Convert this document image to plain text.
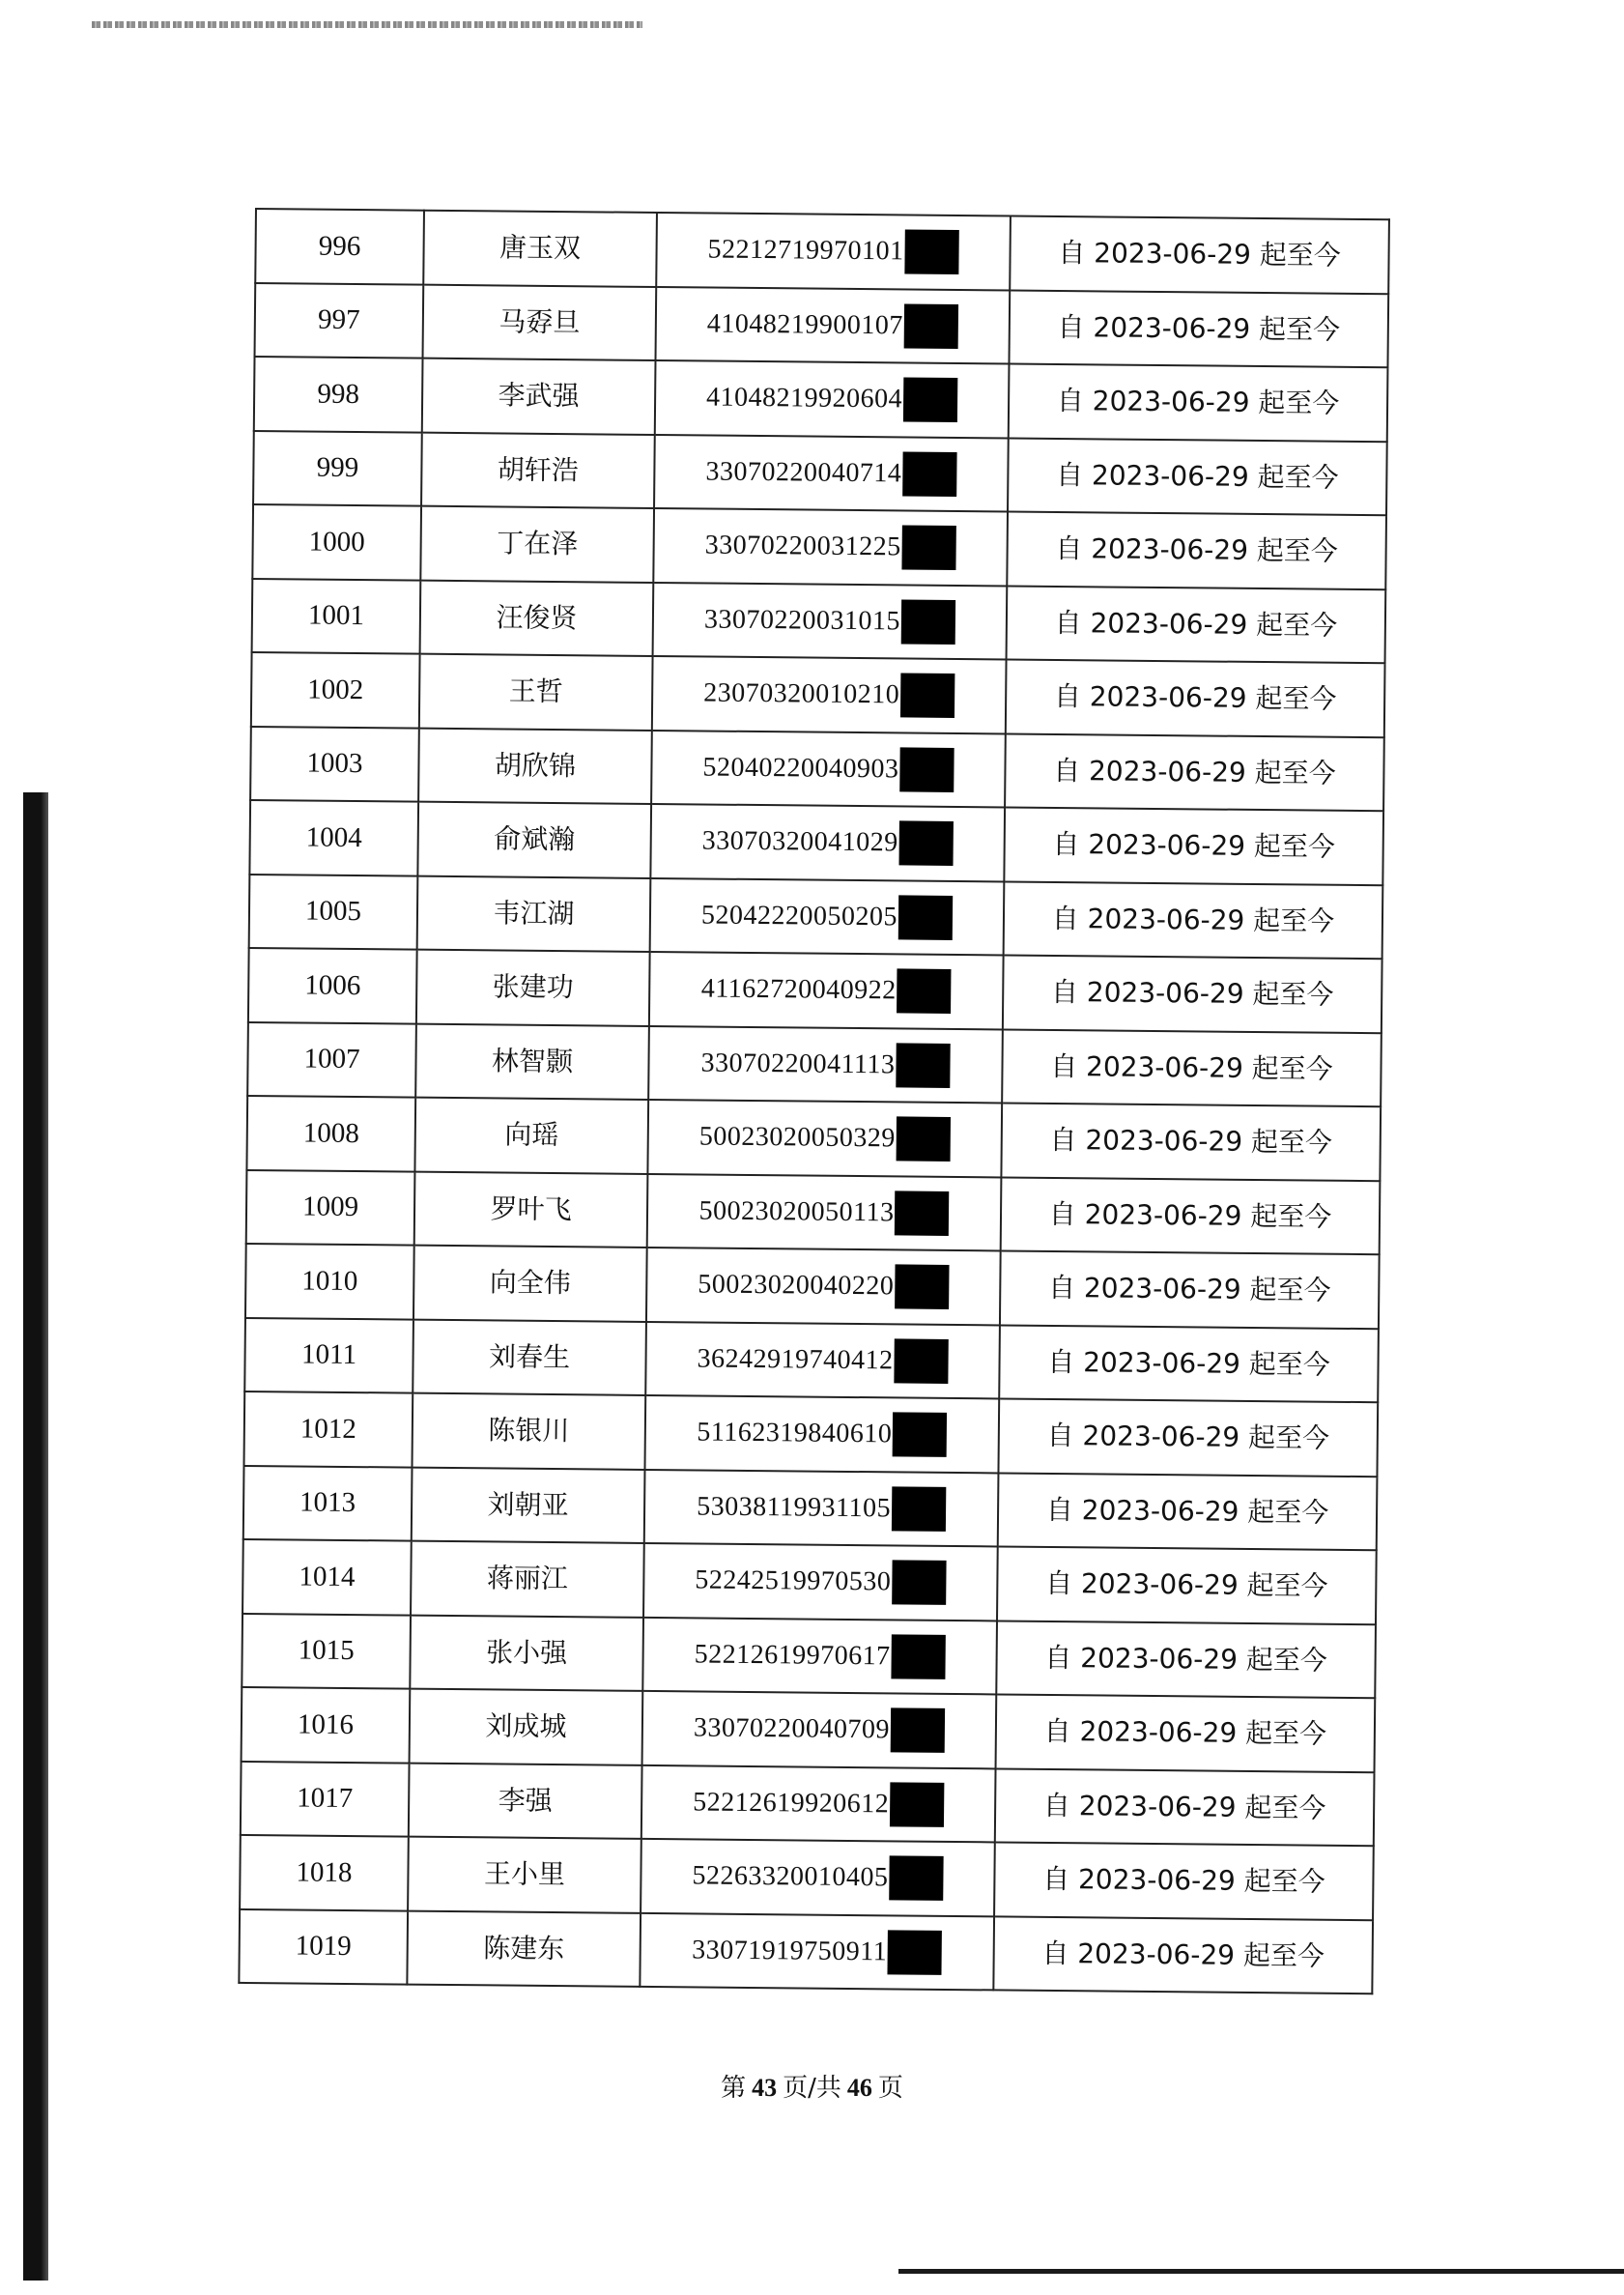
996	唐玉双	52212719970101	自 2023-06-29 起至今
997	马孬旦	41048219900107	自 2023-06-29 起至今
998	李武强	41048219920604	自 2023-06-29 起至今
999	胡轩浩	33070220040714	自 2023-06-29 起至今
1000	丁在泽	33070220031225	自 2023-06-29 起至今
1001	汪俊贤	33070220031015	自 2023-06-29 起至今
1002	王哲	23070320010210	自 2023-06-29 起至今
1003	胡欣锦	52040220040903	自 2023-06-29 起至今
1004	俞斌瀚	33070320041029	自 2023-06-29 起至今
1005	韦江湖	52042220050205	自 2023-06-29 起至今
1006	张建功	41162720040922	自 2023-06-29 起至今
1007	林智颢	33070220041113	自 2023-06-29 起至今
1008	向瑶	50023020050329	自 2023-06-29 起至今
1009	罗叶飞	50023020050113	自 2023-06-29 起至今
1010	向全伟	50023020040220	自 2023-06-29 起至今
1011	刘春生	36242919740412	自 2023-06-29 起至今
1012	陈银川	51162319840610	自 2023-06-29 起至今
1013	刘朝亚	53038119931105	自 2023-06-29 起至今
1014	蒋丽江	52242519970530	自 2023-06-29 起至今
1015	张小强	52212619970617	自 2023-06-29 起至今
1016	刘成城	33070220040709	自 2023-06-29 起至今
1017	李强	52212619920612	自 2023-06-29 起至今
1018	王小里	52263320010405	自 2023-06-29 起至今
1019	陈建东	33071919750911	自 2023-06-29 起至今
第 43 页/共 46 页
